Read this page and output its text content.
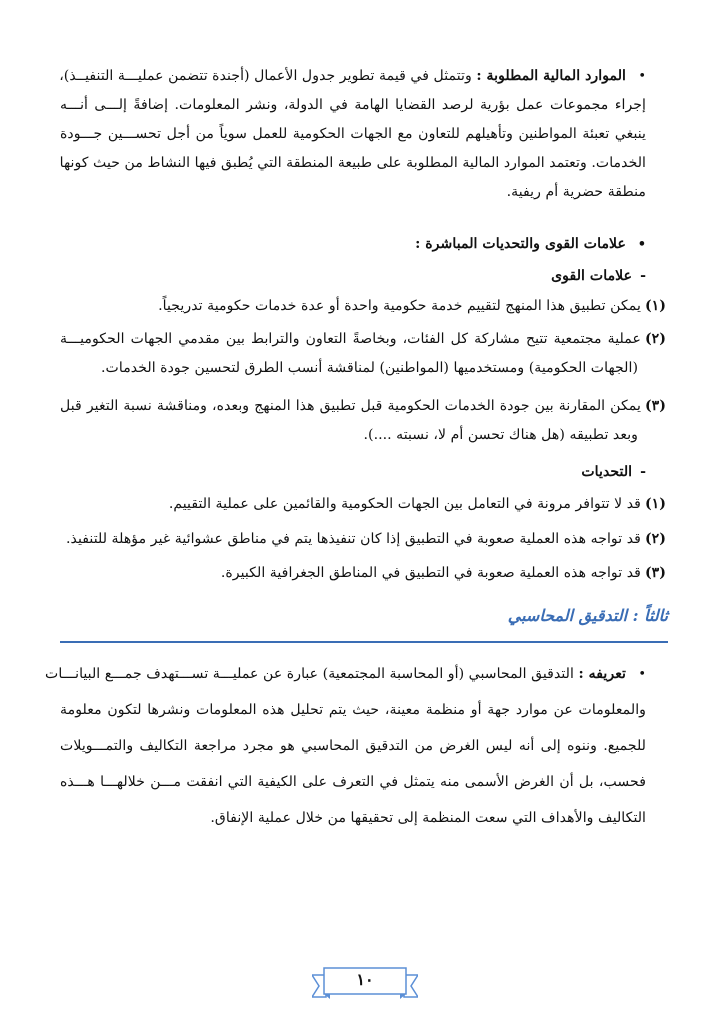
•الموارد المالية المطلوبة : وتتمثل في قيمة تطوير جدول الأعمال (أجندة تتضمن عمليـــة التنفيــذ)،
إجراء مجموعات عمل بؤرية لرصد القضايا الهامة في الدولة، ونشر المعلومات. إضافةً إلـــى أنـــه
ينبغي تعبئة المواطنين وتأهيلهم للتعاون مع الجهات الحكومية للعمل سوياً من أجل تحســـين جـــودة
الخدمات. وتعتمد الموارد المالية المطلوبة على طبيعة المنطقة التي يُطبق فيها النشاط من حيث كونها
منطقة حضرية أم ريفية.
•علامات القوى والتحديات المباشرة :
-علامات القوى
(١)يمكن تطبيق هذا المنهج لتقييم خدمة حكومية واحدة أو عدة خدمات حكومية تدريجياً.
(٢)عملية مجتمعية تتيح مشاركة كل الفئات، وبخاصةً التعاون والترابط بين مقدمي الجهات الحكوميـــة
(الجهات الحكومية) ومستخدميها (المواطنين) لمناقشة أنسب الطرق لتحسين جودة الخدمات.
(٣)يمكن المقارنة بين جودة الخدمات الحكومية قبل تطبيق هذا المنهج وبعده، ومناقشة نسبة التغير قبل
وبعد تطبيقه (هل هناك تحسن أم لا، نسبته ....).
-التحديات
(١)قد لا تتوافر مرونة في التعامل بين الجهات الحكومية والقائمين على عملية التقييم.
(٢)قد تواجه هذه العملية صعوبة في التطبيق إذا كان تنفيذها يتم في مناطق عشوائية غير مؤهلة للتنفيذ.
(٣)قد تواجه هذه العملية صعوبة في التطبيق في المناطق الجغرافية الكبيرة.
ثالثاً : التدقيق المحاسبي
•تعريفه : التدقيق المحاسبي (أو المحاسبة المجتمعية) عبارة عن عمليـــة تســـتهدف جمـــع البيانـــات
والمعلومات عن موارد جهة أو منظمة معينة، حيث يتم تحليل هذه المعلومات ونشرها لتكون معلومة
للجميع. وننوه إلى أنه ليس الغرض من التدقيق المحاسبي هو مجرد مراجعة التكاليف والتمـــويلات
فحسب، بل أن الغرض الأسمى منه يتمثل في التعرف على الكيفية التي انفقت مـــن خلالهـــا هـــذه
التكاليف والأهداف التي سعت المنظمة إلى تحقيقها من خلال عملية الإنفاق.
١٠
